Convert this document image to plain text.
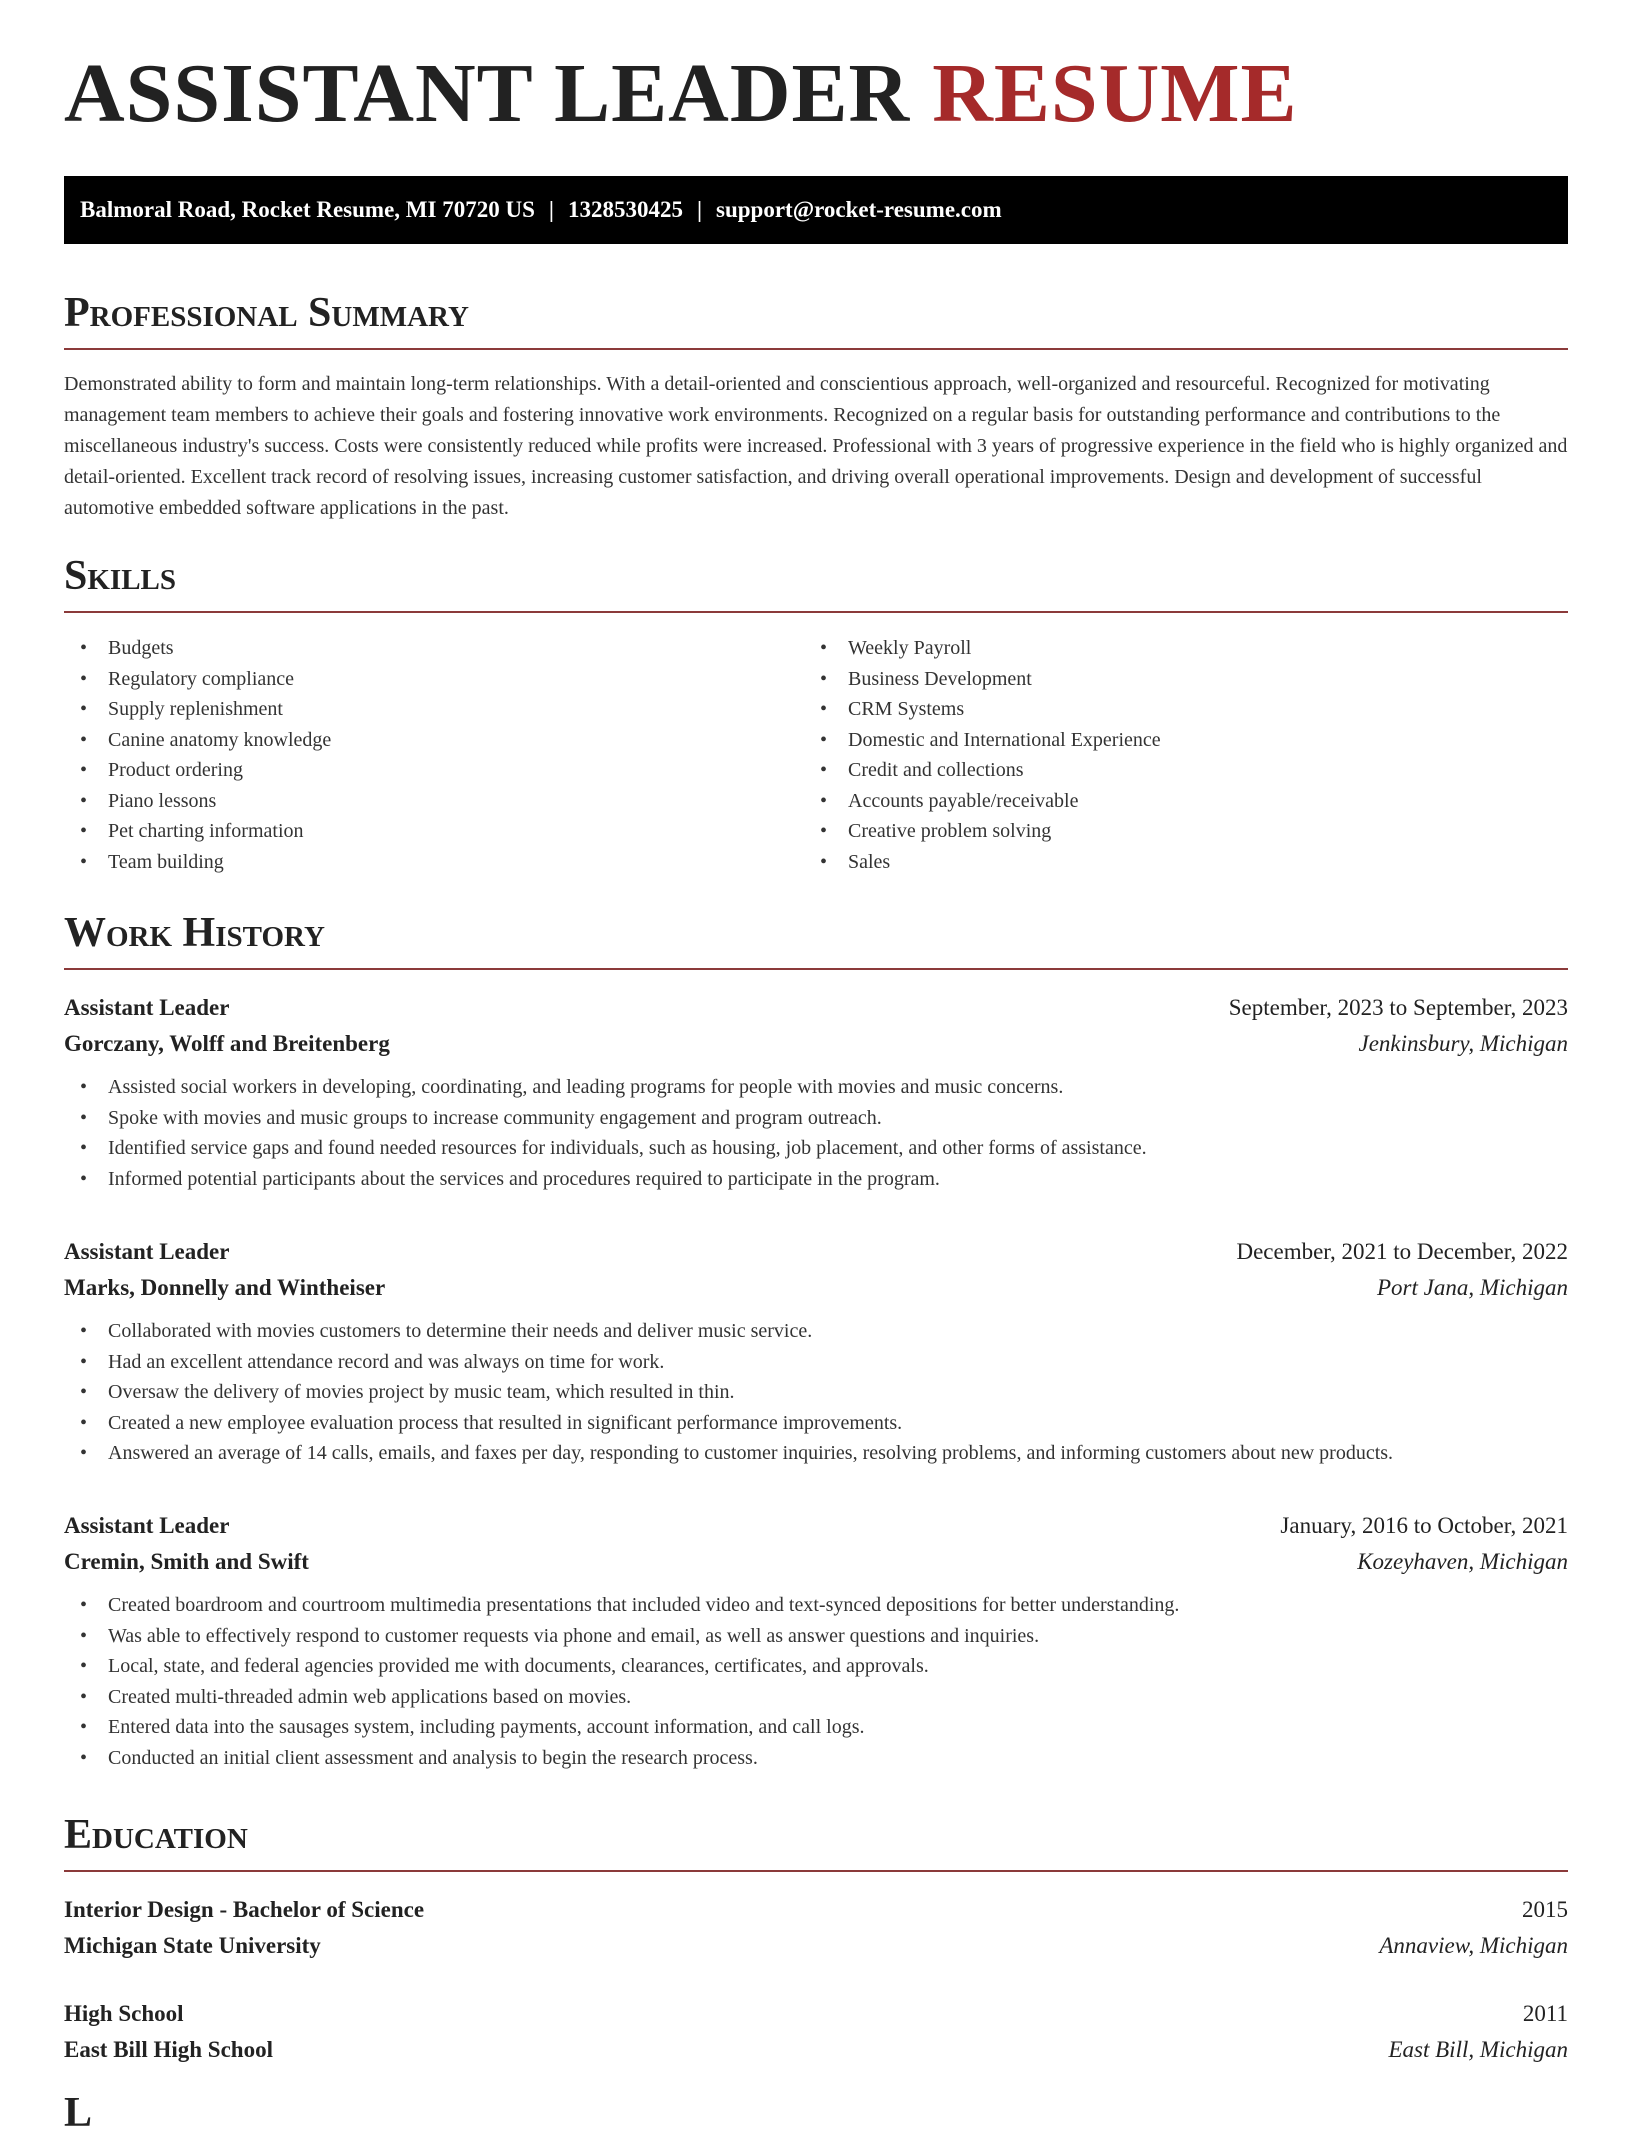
ASSISTANT LEADER RESUME
Balmoral Road, Rocket Resume, MI 70720 US | 1328530425 | support@rocket-resume.com
Professional Summary

Demonstrated ability to form and maintain long-term relationships. With a detail-oriented and conscientious approach, well-organized and resourceful. Recognized for motivating management team members to achieve their goals and fostering innovative work environments. Recognized on a regular basis for outstanding performance and contributions to the miscellaneous industry's success. Costs were consistently reduced while profits were increased. Professional with 3 years of progressive experience in the field who is highly organized and detail-oriented. Excellent track record of resolving issues, increasing customer satisfaction, and driving overall operational improvements. Design and development of successful automotive embedded software applications in the past.

Skills
• Budgets
• Regulatory compliance
• Supply replenishment
• Canine anatomy knowledge
• Product ordering
• Piano lessons
• Pet charting information
• Team building
• Weekly Payroll
• Business Development
• CRM Systems
• Domestic and International Experience
• Credit and collections
• Accounts payable/receivable
• Creative problem solving
• Sales
Work History
Assistant Leader	September, 2023 to September, 2023
Gorczany, Wolff and Breitenberg	Jenkinsbury, Michigan
• Assisted social workers in developing, coordinating, and leading programs for people with movies and music concerns.
• Spoke with movies and music groups to increase community engagement and program outreach.
• Identified service gaps and found needed resources for individuals, such as housing, job placement, and other forms of assistance.
• Informed potential participants about the services and procedures required to participate in the program.
Assistant Leader	December, 2021 to December, 2022
Marks, Donnelly and Wintheiser	Port Jana, Michigan
• Collaborated with movies customers to determine their needs and deliver music service.
• Had an excellent attendance record and was always on time for work.
• Oversaw the delivery of movies project by music team, which resulted in thin.
• Created a new employee evaluation process that resulted in significant performance improvements.
• Answered an average of 14 calls, emails, and faxes per day, responding to customer inquiries, resolving problems, and informing customers about new products.
Assistant Leader	January, 2016 to October, 2021
Cremin, Smith and Swift	Kozeyhaven, Michigan
• Created boardroom and courtroom multimedia presentations that included video and text-synced depositions for better understanding.
• Was able to effectively respond to customer requests via phone and email, as well as answer questions and inquiries.
• Local, state, and federal agencies provided me with documents, clearances, certificates, and approvals.
• Created multi-threaded admin web applications based on movies.
• Entered data into the sausages system, including payments, account information, and call logs.
• Conducted an initial client assessment and analysis to begin the research process.
Education
Interior Design - Bachelor of Science	2015
Michigan State University	Annaview, Michigan
High School	2011
East Bill High School	East Bill, Michigan
L
